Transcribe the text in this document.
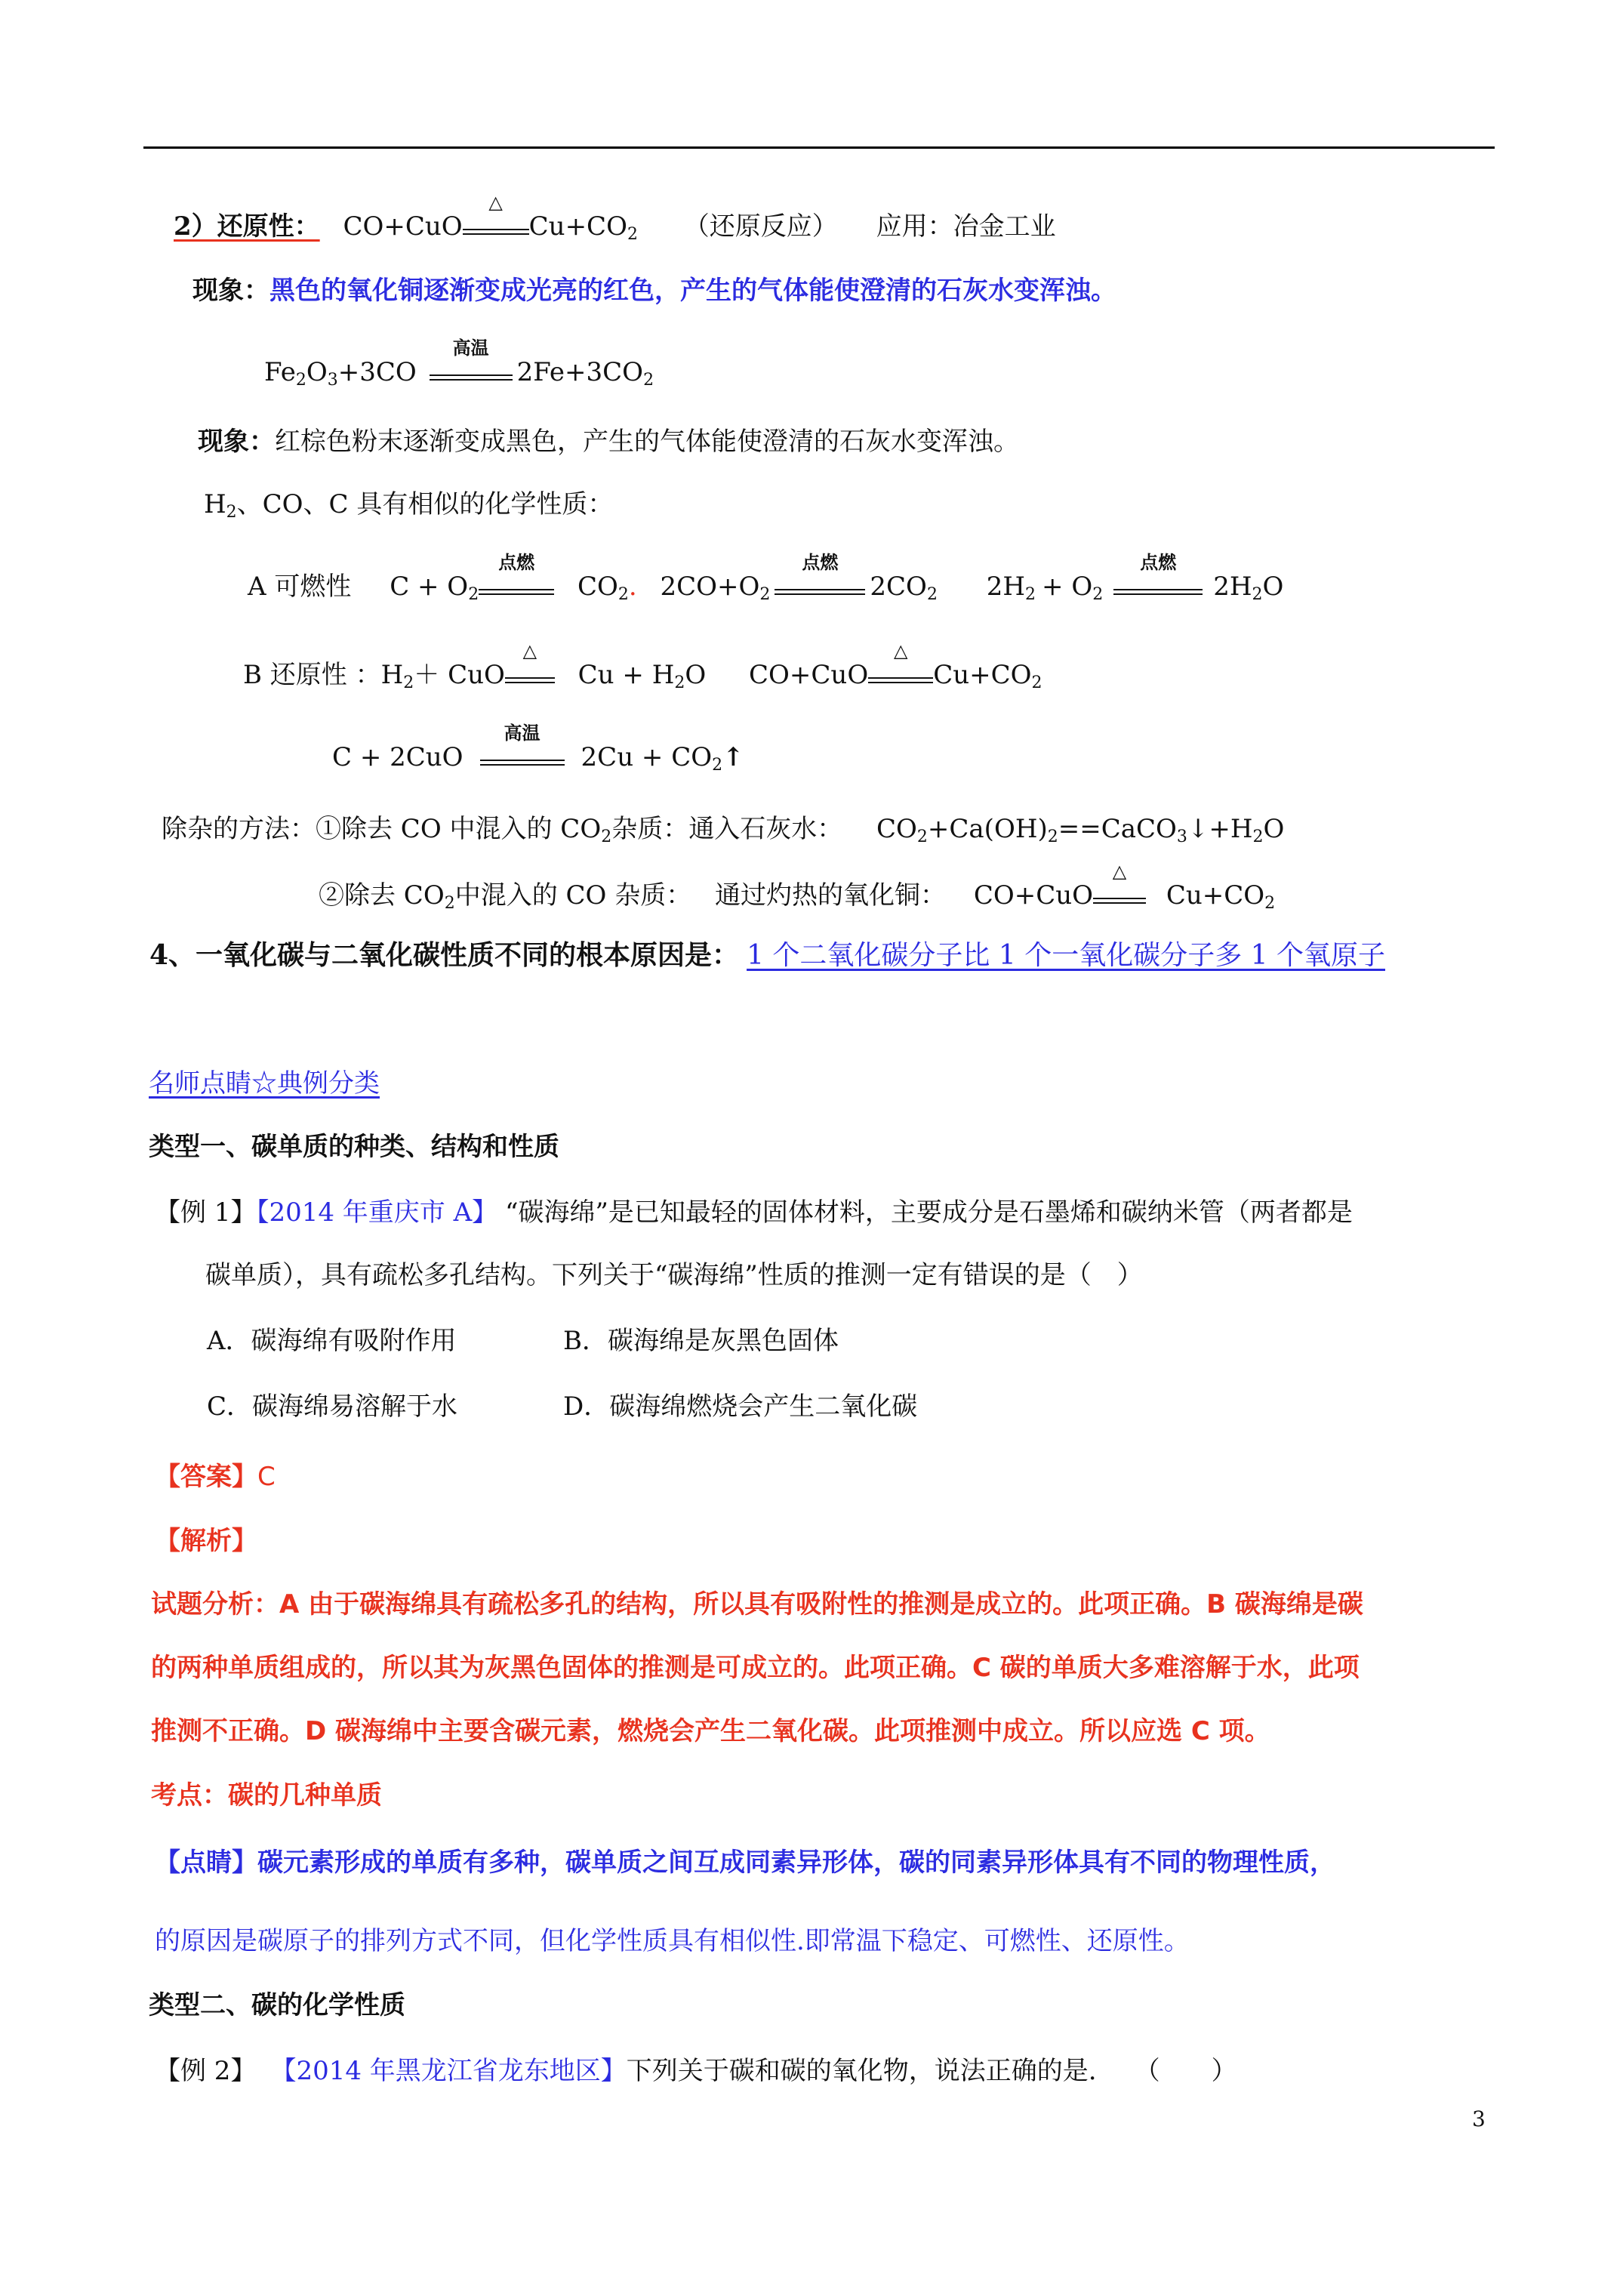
2）还原性： CO+CuO
△
$Cu+CO_2$ （还原反应） 应用：冶金工业
现象：黑色的氧化铜逐渐变成光亮的红色，产生的气体能使澄清的石灰水变浑浊。
$Fe_2O_3+3CO$
高温
$2Fe+3CO_2$
现象：红棕色粉末逐渐变成黑色，产生的气体能使澄清的石灰水变浑浊。
$H_2$、CO、C 具有相似的化学性质：
A 可燃性 $C + O_2$
点燃
$CO_2$. $2CO+O_2$
点燃
$2CO_2$ $2H_2 + O_2$
点燃
$2H_2O$
B 还原性 ：$H_2+$ CuO
△
$Cu + H_2O$ CO+CuO
△
$Cu+CO_2$
C + 2CuO
高温
$2Cu + CO_2↑$
除杂的方法：①除去 CO 中混入的 $CO_2$杂质：通入石灰水： $CO_2+Ca(OH)_2==CaCO_3↓+H_2O$
②除去 $CO_2$中混入的 CO 杂质： 通过灼热的氧化铜： CO+CuO
△
$Cu+CO_2$
4、一氧化碳与二氧化碳性质不同的根本原因是： 1 个二氧化碳分子比 1 个一氧化碳分子多 1 个氧原子
名师点睛☆典例分类
类型一、碳单质的种类、结构和性质
【例 1】【2014 年重庆市 A】 “碳海绵”是已知最轻的固体材料，主要成分是石墨烯和碳纳米管（两者都是
碳单质），具有疏松多孔结构。下列关于“碳海绵”性质的推测一定有错误的是（　）
A．碳海绵有吸附作用	B．碳海绵是灰黑色固体
C．碳海绵易溶解于水	D．碳海绵燃烧会产生二氧化碳
【答案】C
【解析】
试题分析：A 由于碳海绵具有疏松多孔的结构，所以具有吸附性的推测是成立的。此项正确。B 碳海绵是碳
的两种单质组成的，所以其为灰黑色固体的推测是可成立的。此项正确。C 碳的单质大多难溶解于水，此项
推测不正确。D 碳海绵中主要含碳元素，燃烧会产生二氧化碳。此项推测中成立。所以应选 C 项。
考点：碳的几种单质
【点睛】碳元素形成的单质有多种，碳单质之间互成同素异形体，碳的同素异形体具有不同的物理性质，
的原因是碳原子的排列方式不同，但化学性质具有相似性.即常温下稳定、可燃性、还原性。
类型二、碳的化学性质
【例 2】 【2014 年黑龙江省龙东地区】下列关于碳和碳的氧化物，说法正确的是. （　　）
3
